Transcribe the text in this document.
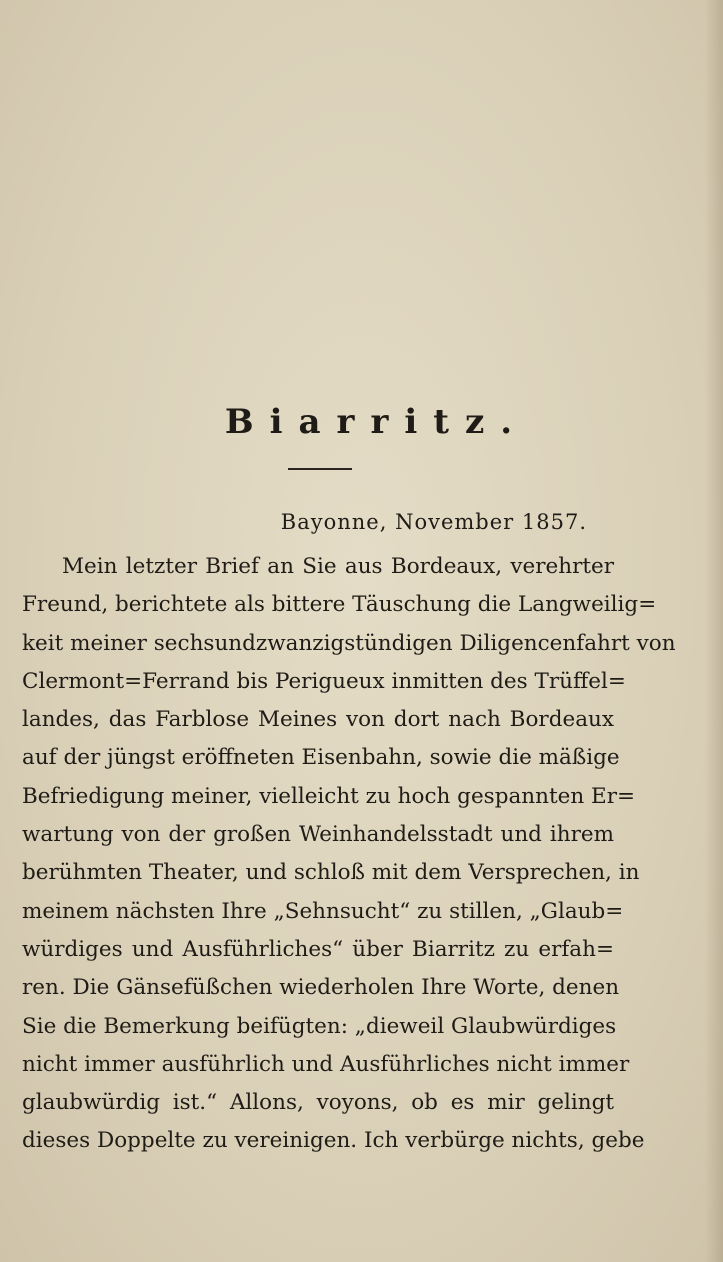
Biarritz.
Bayonne, November 1857.
Mein letzter Brief an Sie aus Bordeaux, verehrter
Freund, berichtete als bittere Täuschung die Langweilig=
keit meiner sechsundzwanzigstündigen Diligencenfahrt von
Clermont=Ferrand bis Perigueux inmitten des Trüffel=
landes, das Farblose Meines von dort nach Bordeaux
auf der jüngst eröffneten Eisenbahn, sowie die mäßige
Befriedigung meiner, vielleicht zu hoch gespannten Er=
wartung von der großen Weinhandelsstadt und ihrem
berühmten Theater, und schloß mit dem Versprechen, in
meinem nächsten Ihre „Sehnsucht“ zu stillen, „Glaub=
würdiges und Ausführliches“ über Biarritz zu erfah=
ren. Die Gänsefüßchen wiederholen Ihre Worte, denen
Sie die Bemerkung beifügten: „dieweil Glaubwürdiges
nicht immer ausführlich und Ausführliches nicht immer
glaubwürdig ist.“ Allons, voyons, ob es mir gelingt
dieses Doppelte zu vereinigen. Ich verbürge nichts, gebe
